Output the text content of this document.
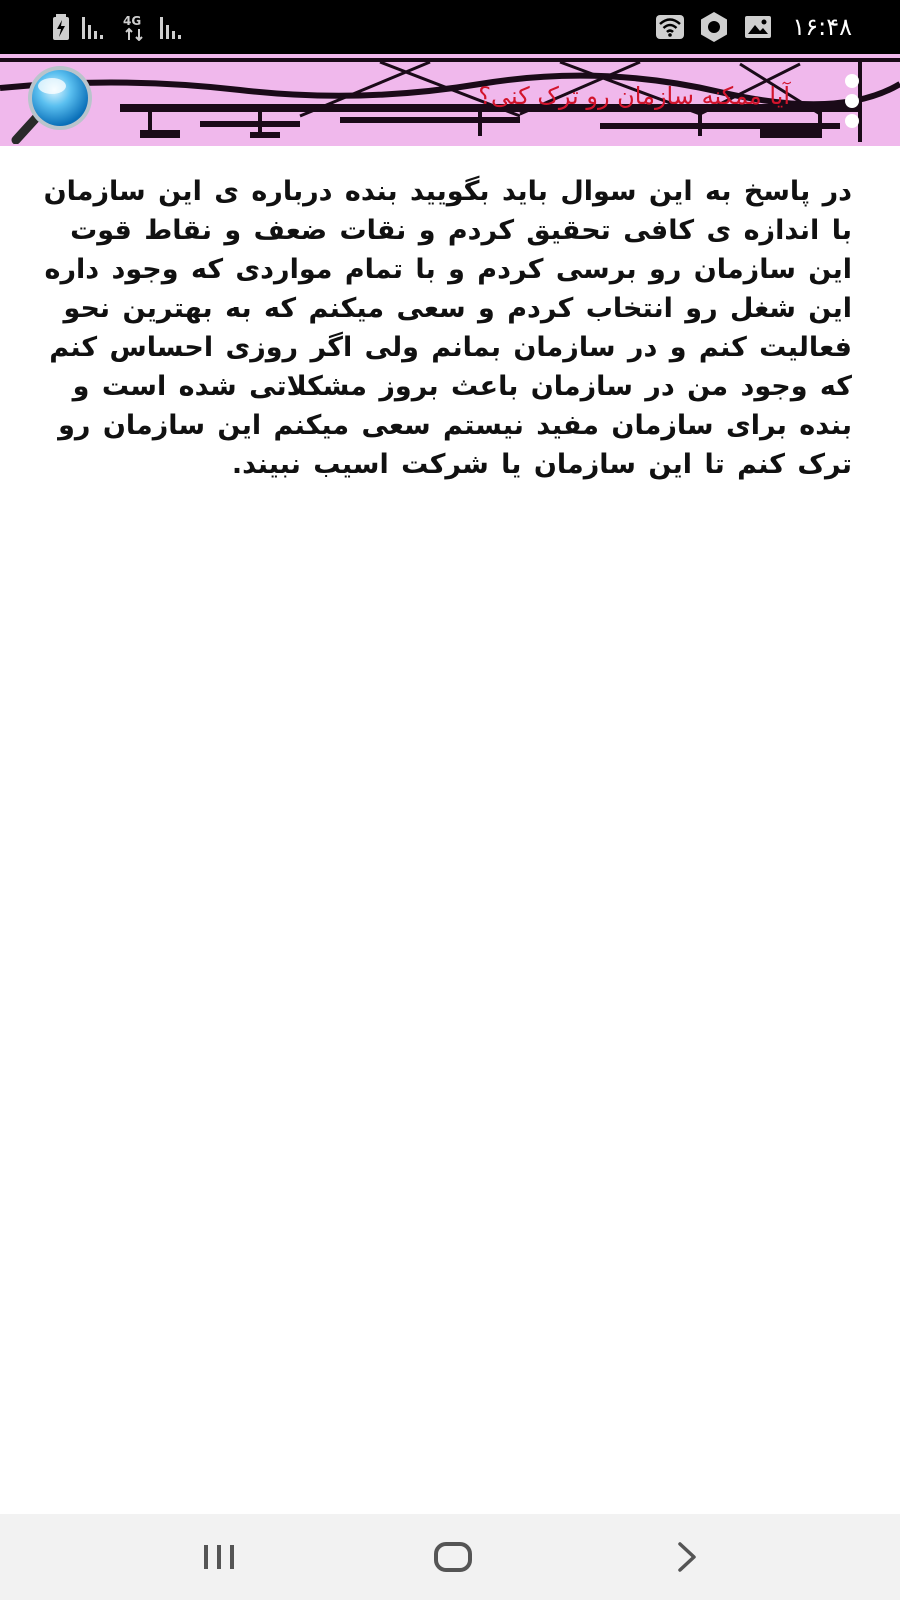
4G	۱۶:۴۸
آیا ممکنه سازمان رو ترک کنی؟
در پاسخ به این سوال باید بگویید بنده درباره ی این سازمان با اندازه ی کافی تحقیق کردم و نقات ضعف و نقاط قوت این سازمان رو برسی کردم و با تمام مواردی که وجود داره این شغل رو انتخاب کردم و سعی میکنم که به بهترین نحو فعالیت کنم و در سازمان بمانم ولی اگر روزی احساس کنم که وجود من در سازمان باعث بروز مشکلاتی شده است و بنده برای سازمان مفید نیستم سعی میکنم این سازمان رو ترک کنم تا این سازمان یا شرکت اسیب نبیند.
